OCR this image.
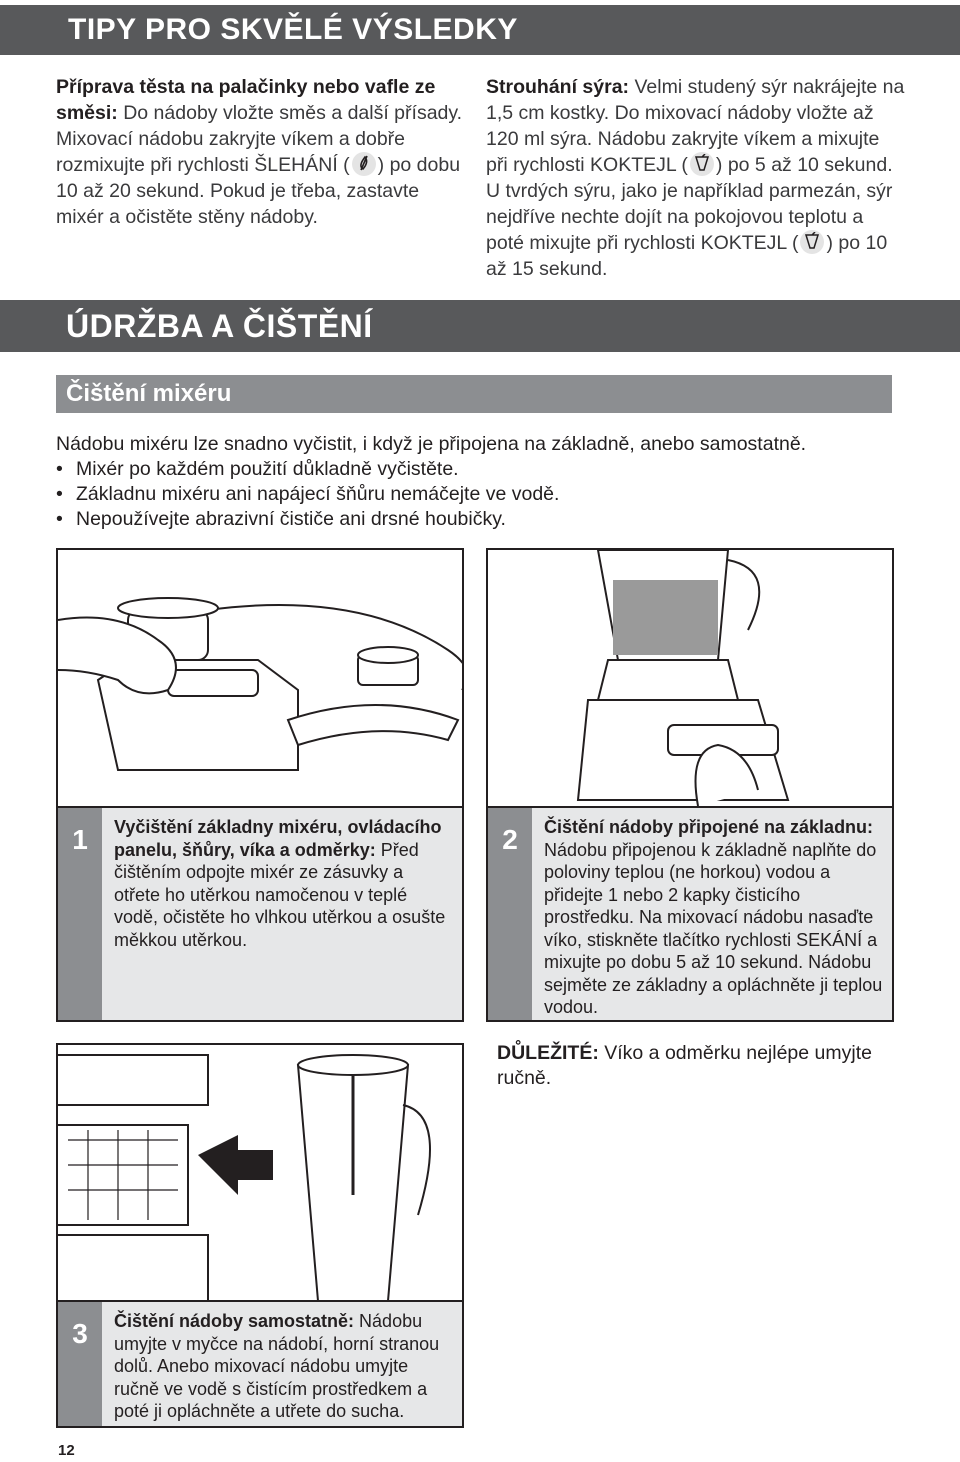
TIPY PRO SKVĚLÉ VÝSLEDKY
Příprava těsta na palačinky nebo vafle ze směsi: Do nádoby vložte směs a další přísady. Mixovací nádobu zakryjte víkem a dobře rozmixujte při rychlosti ŠLEHÁNÍ ( ) po dobu 10 až 20 sekund. Pokud je třeba, zastavte mixér a očistěte stěny nádoby.
Strouhání sýra: Velmi studený sýr nakrájejte na 1,5 cm kostky. Do mixovací nádoby vložte až 120 ml sýra. Nádobu zakryjte víkem a mixujte při rychlosti KOKTEJL ( ) po 5 až 10 sekund. U tvrdých sýru, jako je například parmezán, sýr nejdříve nechte dojít na pokojovou teplotu a poté mixujte při rychlosti KOKTEJL ( ) po 10 až 15 sekund.
ÚDRŽBA A ČIŠTĚNÍ
Čištění mixéru
Nádobu mixéru lze snadno vyčistit, i když je připojena na základně, anebo samostatně.
• Mixér po každém použití důkladně vyčistěte.
• Základnu mixéru ani napájecí šňůru nemáčejte ve vodě.
• Nepoužívejte abrazivní čističe ani drsné houbičky.
1	Vyčištění základny mixéru, ovládacího panelu, šňůry, víka a odměrky: Před čištěním odpojte mixér ze zásuvky a otřete ho utěrkou namočenou v teplé vodě, očistěte ho vlhkou utěrkou a osušte měkkou utěrkou.
2	Čištění nádoby připojené na základnu: Nádobu připojenou k základně naplňte do poloviny teplou (ne horkou) vodou a přidejte 1 nebo 2 kapky čisticího prostředku. Na mixovací nádobu nasaďte víko, stiskněte tlačítko rychlosti SEKÁNÍ a mixujte po dobu 5 až 10 sekund. Nádobu sejměte ze základny a opláchněte ji teplou vodou.
3	Čištění nádoby samostatně: Nádobu umyjte v myčce na nádobí, horní stranou dolů. Anebo mixovací nádobu umyjte ručně ve vodě s čistícím prostředkem a poté ji opláchněte a utřete do sucha.
DŮLEŽITÉ: Víko a odměrku nejlépe umyjte ručně.
12
